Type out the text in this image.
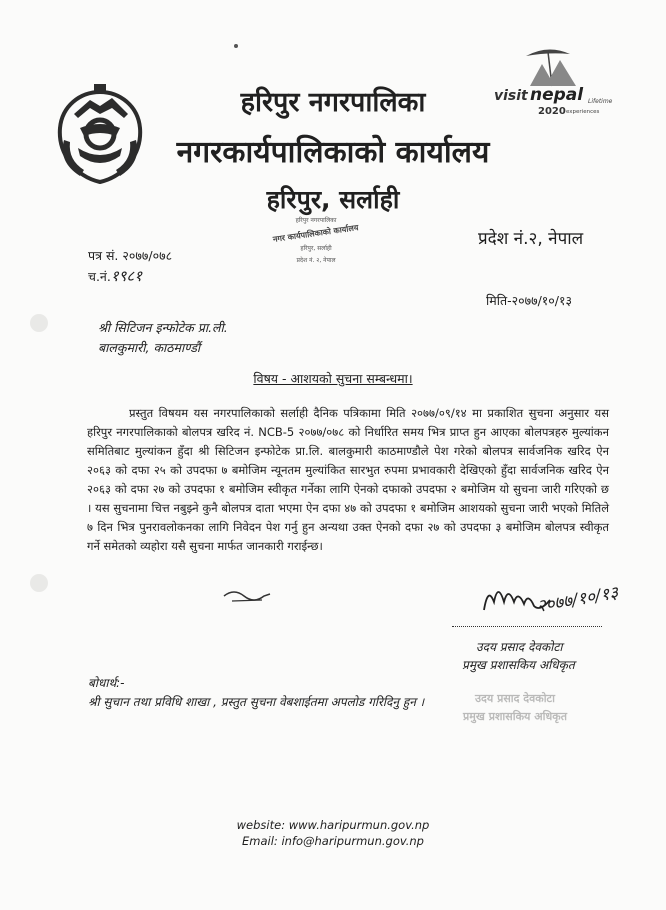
हरिपुर नगरपालिका
नगरकार्यपालिकाको कार्यालय
हरिपुर, सर्लाही
visit nepal Lifetime
2020 experiences
हरिपुर नगरपालिका
नगर कार्यपालिकाको कार्यालय
हरिपुर, सर्लाही
प्रदेश नं. २, नेपाल
प्रदेश नं.२, नेपाल
पत्र सं. २०७७/०७८
च.नं.१९८१
मिति-२०७७/१०/१३
श्री सिटिजन इन्फोटेक प्रा.ली.
बालकुमारी, काठमाण्डौं
विषय - आशयको सुचना सम्बन्धमा।

प्रस्तुत विषयम यस नगरपालिकाको सर्लाही दैनिक पत्रिकामा मिति २०७७/०९/१४ मा प्रकाशित सुचना अनुसार यस हरिपुर नगरपालिकाको बोलपत्र खरिद नं. NCB-5 २०७७/०७८ को निर्धारित समय भित्र प्राप्त हुन आएका बोलपत्रहरु मुल्यांकन समितिबाट मुल्यांकन हुँदा श्री सिटिजन इन्फोटेक प्रा.लि. बालकुमारी काठमाण्डौले पेश गरेको बोलपत्र सार्वजनिक खरिद ऐन २०६३ को दफा २५ को उपदफा ७ बमोजिम न्यूनतम मुल्यांकित सारभुत रुपमा प्रभावकारी देखिएको हुँदा सार्वजनिक खरिद ऐन २०६३ को दफा २७ को उपदफा १ बमोजिम स्वीकृत गर्नेका लागि ऐनको दफाको उपदफा २ बमोजिम यो सुचना जारी गरिएको छ । यस सुचनामा चित्त नबुझ्ने कुनै बोलपत्र दाता भएमा ऐन दफा ४७ को उपदफा १ बमोजिम आशयको सुचना जारी भएको मितिले ७ दिन भित्र पुनरावलोकनका लागि निवेदन पेश गर्नु हुन अन्यथा उक्त ऐनको दफा २७ को उपदफा ३ बमोजिम बोलपत्र स्वीकृत गर्ने समेतको व्यहोरा यसै सुचना मार्फत जानकारी गराईन्छ।

२०७७/१०/१३
उदय प्रसाद देवकोटा
प्रमुख प्रशासकिय अधिकृत
बोधार्थ:-
श्री सुचान तथा प्रविधि शाखा , प्रस्तुत सुचना वेबशाईतमा अपलोड गरिदिनु हुन ।	उदय प्रसाद देवकोटा
प्रमुख प्रशासकिय अधिकृत
website: www.haripurmun.gov.np
Email: info@haripurmun.gov.np
